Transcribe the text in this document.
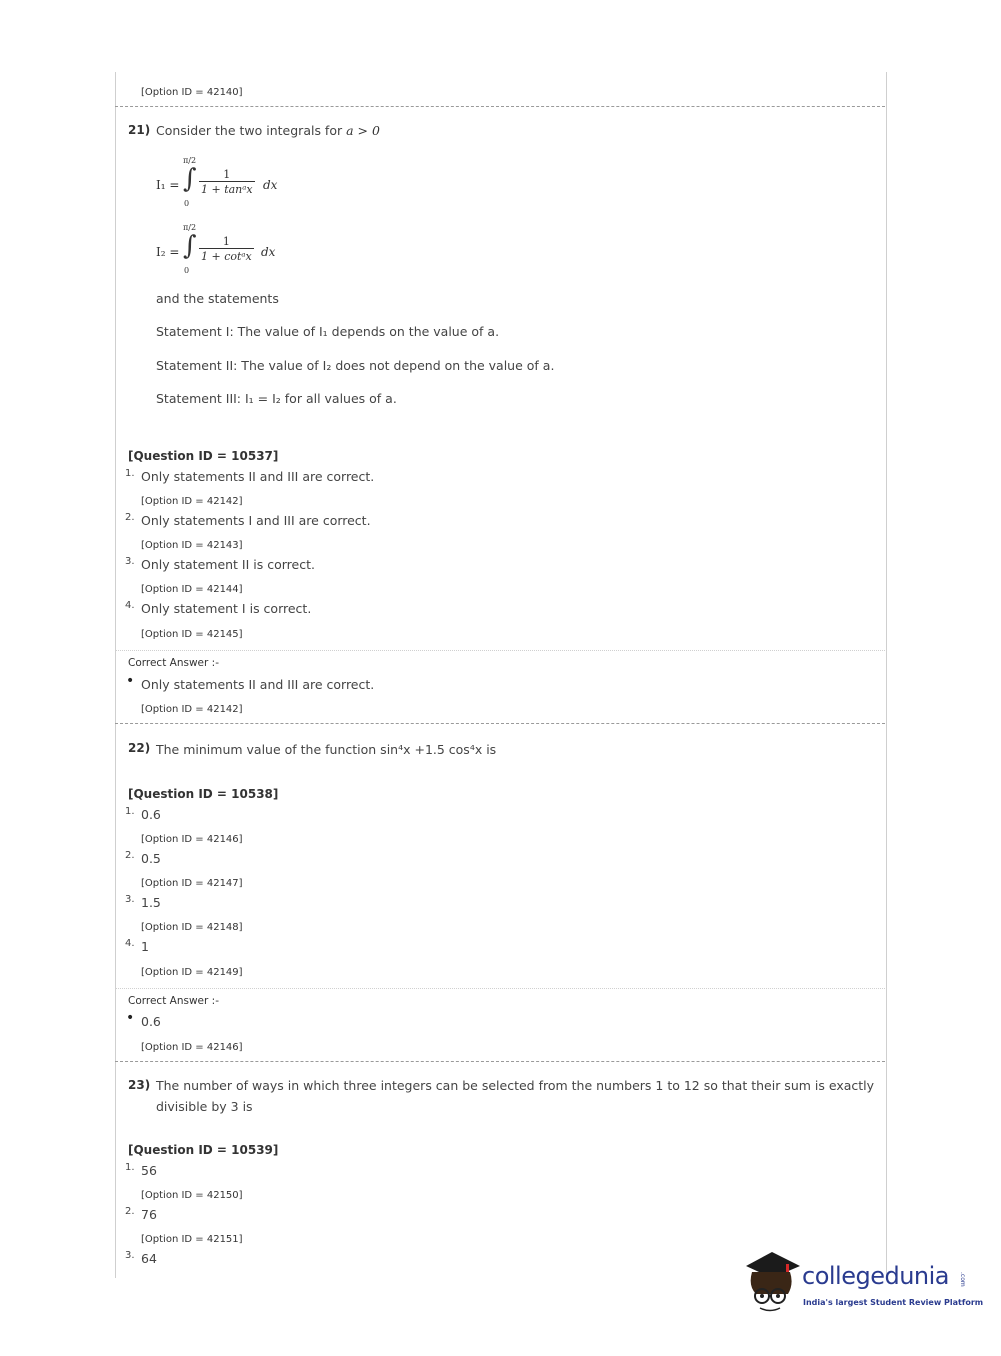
[Option ID = 42140]
21) Consider the two integrals for a > 0
I₁ =
π/2
∫
0
$\frac{1}{\text{1 + tanᵃx}}$ dx
I₂ =
π/2
∫
0
$\frac{1}{\text{1 + cotᵃx}}$ dx
and the statements
Statement I: The value of I₁ depends on the value of a.
Statement II: The value of I₂ does not depend on the value of a.
Statement III: I₁ = I₂ for all values of a.
[Question ID = 10537]
1. Only statements II and III are correct.
[Option ID = 42142]
2. Only statements I and III are correct.
[Option ID = 42143]
3. Only statement II is correct.
[Option ID = 42144]
4. Only statement I is correct.
[Option ID = 42145]
Correct Answer :-
• Only statements II and III are correct.
[Option ID = 42142]
22) The minimum value of the function sin⁴x +1.5 cos⁴x is
[Question ID = 10538]
1. 0.6
[Option ID = 42146]
2. 0.5
[Option ID = 42147]
3. 1.5
[Option ID = 42148]
4. 1
[Option ID = 42149]
Correct Answer :-
• 0.6
[Option ID = 42146]
23) The number of ways in which three integers can be selected from the numbers 1 to 12 so that their sum is exactly
divisible by 3 is
[Question ID = 10539]
1. 56
[Option ID = 42150]
2. 76
[Option ID = 42151]
3. 64
collegedunia .com
India's largest Student Review Platform
